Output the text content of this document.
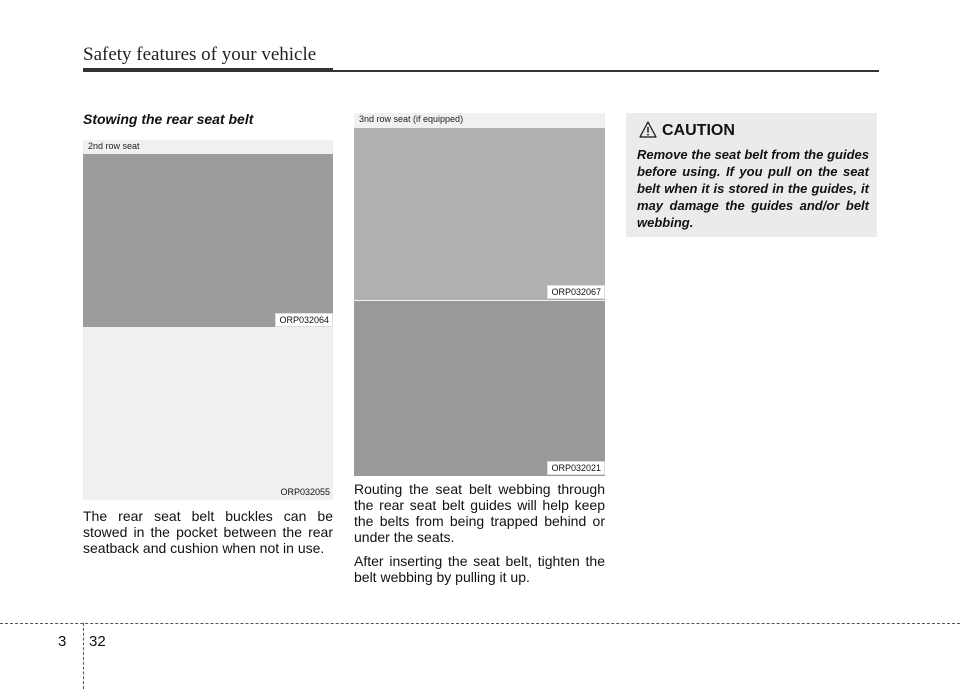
Safety features of your vehicle
Stowing the rear seat belt
2nd row seat
ORP032064
ORP032055
The rear seat belt buckles can be stowed in the pocket between the rear seatback and cushion when not in use.
3nd row seat (if equipped)
ORP032067
ORP032021
Routing the seat belt webbing through the rear seat belt guides will help keep the belts from being trapped behind or under the seats.
After inserting the seat belt, tighten the belt webbing by pulling it up.
CAUTION
Remove the seat belt from the guides before using. If you pull on the seat belt when it is stored in the guides, it may damage the guides and/or belt webbing.
3 32
